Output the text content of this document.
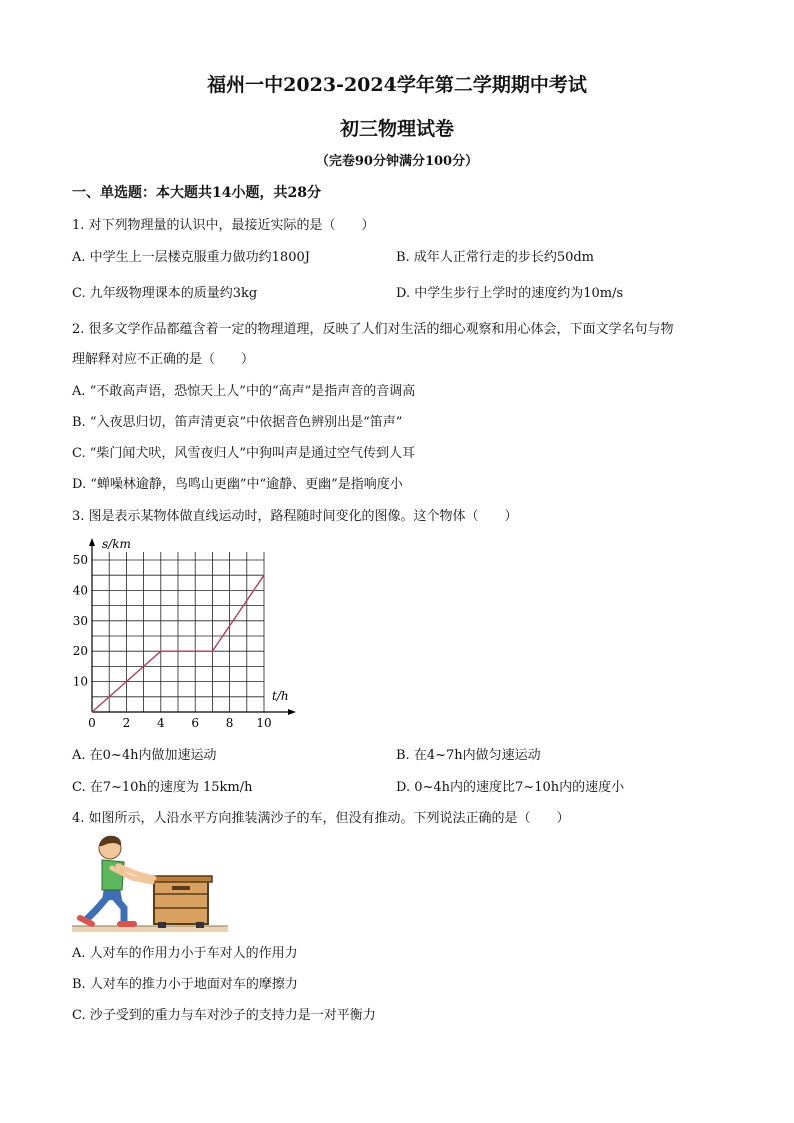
福州一中2023-2024学年第二学期期中考试
初三物理试卷
（完卷90分钟满分100分）
一、单选题：本大题共14小题，共28分
1. 对下列物理量的认识中，最接近实际的是（　　）
A. 中学生上一层楼克服重力做功约1800J	B. 成年人正常行走的步长约50dm
C. 九年级物理课本的质量约3kg	D. 中学生步行上学时的速度约为10m/s
2. 很多文学作品都蕴含着一定的物理道理，反映了人们对生活的细心观察和用心体会，下面文学名句与物
理解释对应不正确的是（　　）
A. “不敢高声语，恐惊天上人”中的“高声”是指声音的音调高
B. “入夜思归切，笛声清更哀”中依据音色辨别出是“笛声”
C. “柴门闻犬吠，风雪夜归人”中狗叫声是通过空气传到人耳
D. “蝉噪林逾静，鸟鸣山更幽”中“逾静、更幽”是指响度小
3. 图是表示某物体做直线运动时，路程随时间变化的图像。这个物体（　　）
0 2 4 6 8 10
10
20
30
40
50
s/km
t/h
A. 在0~4h内做加速运动	B. 在4~7h内做匀速运动
C. 在7~10h的速度为 15km/h	D. 0~4h内的速度比7~10h内的速度小
4. 如图所示，人沿水平方向推装满沙子的车，但没有推动。下列说法正确的是（　　）
A. 人对车的作用力小于车对人的作用力
B. 人对车的推力小于地面对车的摩擦力
C. 沙子受到的重力与车对沙子的支持力是一对平衡力
